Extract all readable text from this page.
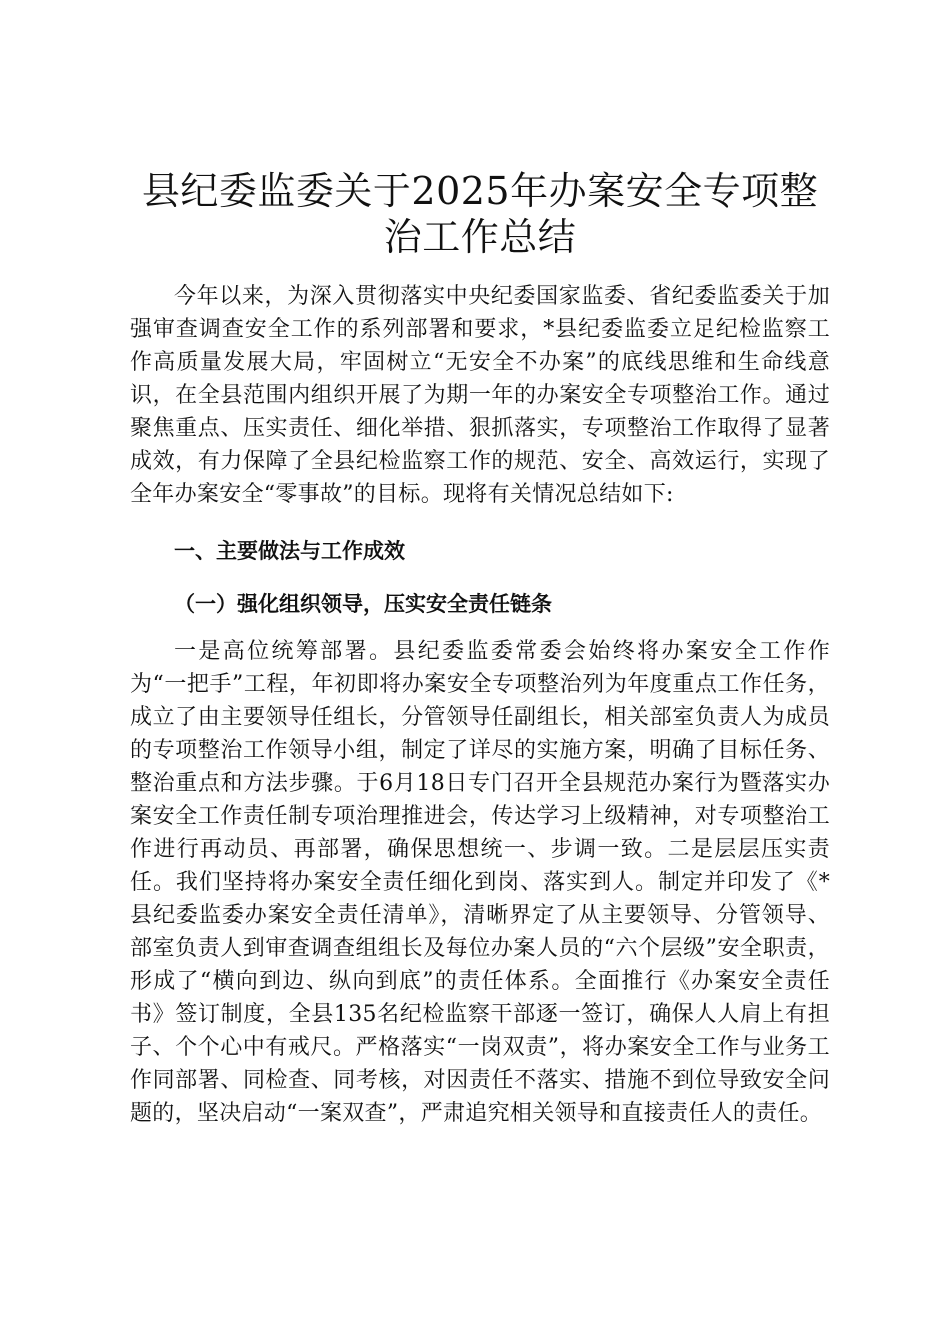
县纪委监委关于2025年办案安全专项整治工作总结

今年以来，为深入贯彻落实中央纪委国家监委、省纪委监委关于加强审查调查安全工作的系列部署和要求，*县纪委监委立足纪检监察工作高质量发展大局，牢固树立“无安全不办案”的底线思维和生命线意识，在全县范围内组织开展了为期一年的办案安全专项整治工作。通过聚焦重点、压实责任、细化举措、狠抓落实，专项整治工作取得了显著成效，有力保障了全县纪检监察工作的规范、安全、高效运行，实现了全年办案安全“零事故”的目标。现将有关情况总结如下:

一、主要做法与工作成效
（一）强化组织领导，压实安全责任链条

一是高位统筹部署。县纪委监委常委会始终将办案安全工作作为“一把手”工程，年初即将办案安全专项整治列为年度重点工作任务，成立了由主要领导任组长，分管领导任副组长，相关部室负责人为成员的专项整治工作领导小组，制定了详尽的实施方案，明确了目标任务、整治重点和方法步骤。于6月18日专门召开全县规范办案行为暨落实办案安全工作责任制专项治理推进会，传达学习上级精神，对专项整治工作进行再动员、再部署，确保思想统一、步调一致。二是层层压实责任。我们坚持将办案安全责任细化到岗、落实到人。制定并印发了《*县纪委监委办案安全责任清单》，清晰界定了从主要领导、分管领导、部室负责人到审查调查组组长及每位办案人员的“六个层级”安全职责，形成了“横向到边、纵向到底”的责任体系。全面推行《办案安全责任书》签订制度，全县135名纪检监察干部逐一签订，确保人人肩上有担子、个个心中有戒尺。严格落实“一岗双责”，将办案安全工作与业务工作同部署、同检查、同考核，对因责任不落实、措施不到位导致安全问题的，坚决启动“一案双查”，严肃追究相关领导和直接责任人的责任。
